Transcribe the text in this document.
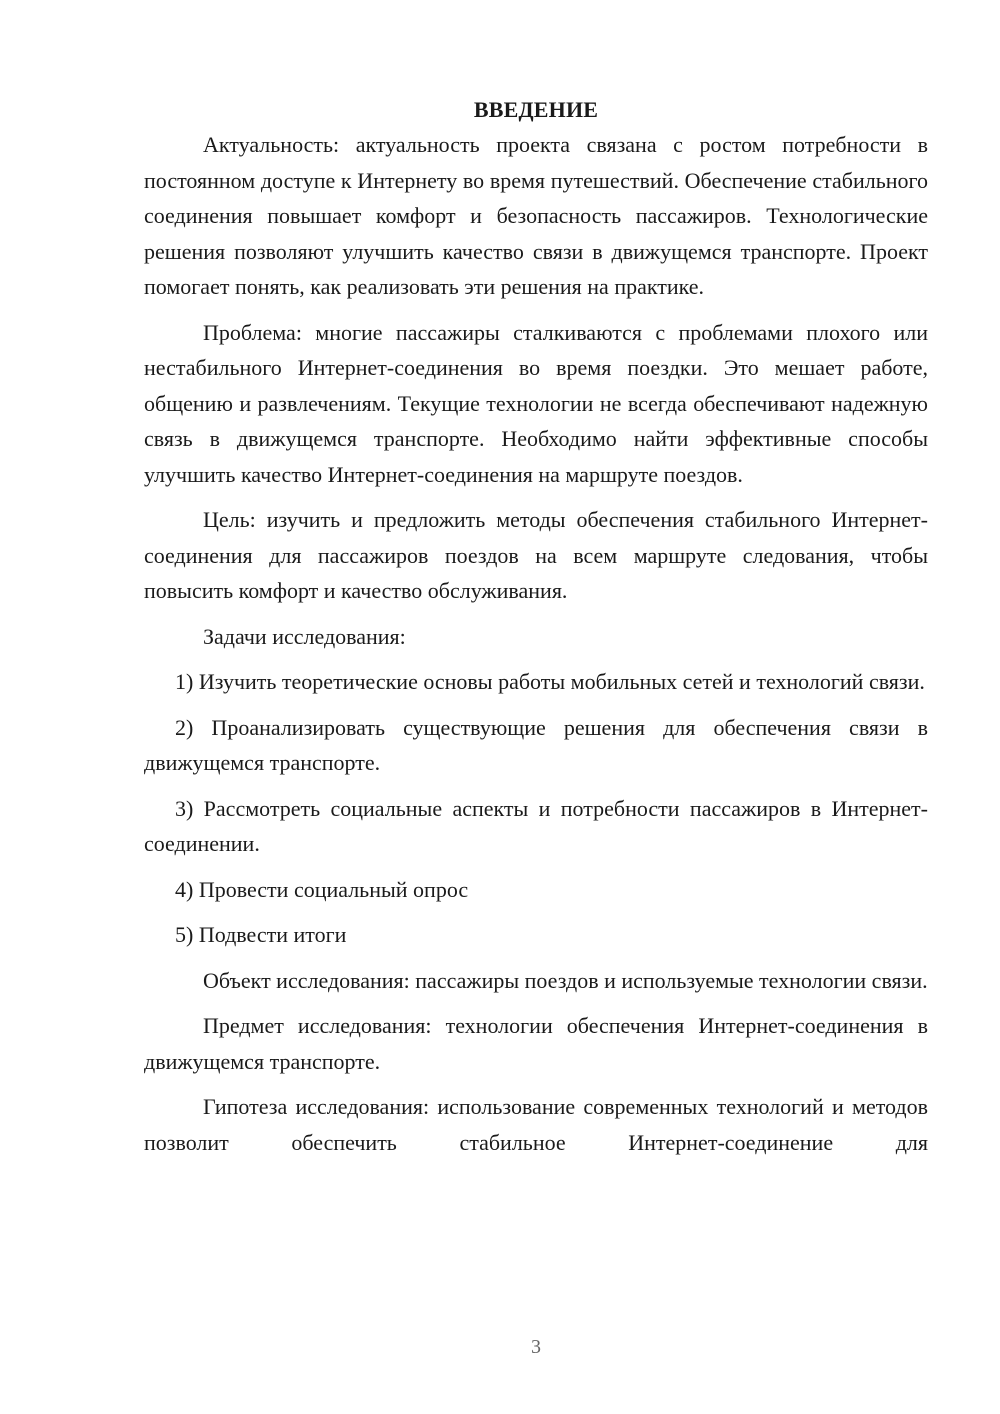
ВВЕДЕНИЕ

Актуальность: актуальность проекта связана с ростом потребности в постоянном доступе к Интернету во время путешествий. Обеспечение стабильного соединения повышает комфорт и безопасность пассажиров. Технологические решения позволяют улучшить качество связи в движущемся транспорте. Проект помогает понять, как реализовать эти решения на практике.

Проблема: многие пассажиры сталкиваются с проблемами плохого или нестабильного Интернет-соединения во время поездки. Это мешает работе, общению и развлечениям. Текущие технологии не всегда обеспечивают надежную связь в движущемся транспорте. Необходимо найти эффективные способы улучшить качество Интернет-соединения на маршруте поездов.

Цель: изучить и предложить методы обеспечения стабильного Интернет-соединения для пассажиров поездов на всем маршруте следования, чтобы повысить комфорт и качество обслуживания.

Задачи исследования:

1) Изучить теоретические основы работы мобильных сетей и технологий связи.

2) Проанализировать существующие решения для обеспечения связи в движущемся транспорте.

3) Рассмотреть социальные аспекты и потребности пассажиров в Интернет-соединении.

4) Провести социальный опрос

5) Подвести итоги

Объект исследования: пассажиры поездов и используемые технологии связи.

Предмет исследования: технологии обеспечения Интернет-соединения в движущемся транспорте.

Гипотеза исследования: использование современных технологий и методов позволит обеспечить стабильное Интернет-соединение для

3
